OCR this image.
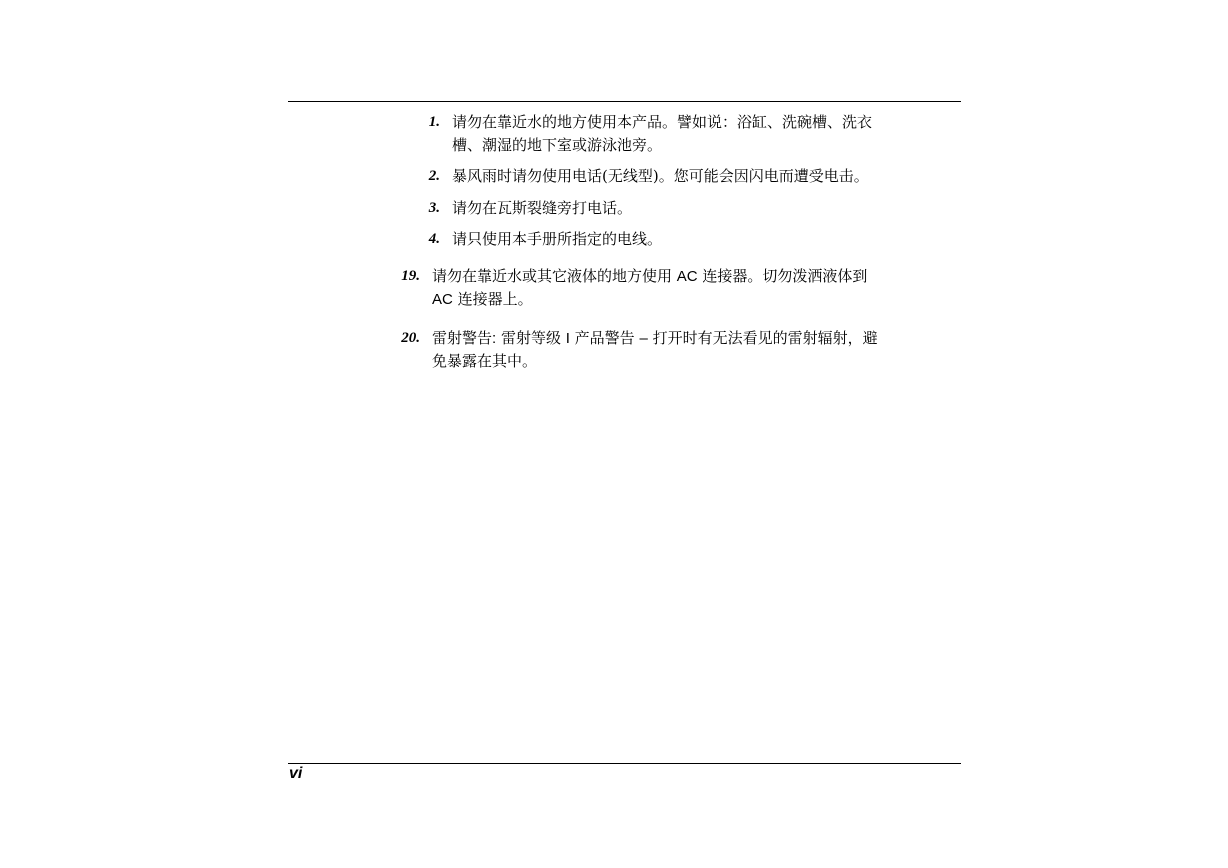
1. 请勿在靠近水的地方使用本产品。譬如说：浴缸、洗碗槽、洗衣
槽、潮湿的地下室或游泳池旁。
2. 暴风雨时请勿使用电话(无线型)。您可能会因闪电而遭受电击。
3. 请勿在瓦斯裂缝旁打电话。
4. 请只使用本手册所指定的电线。
19. 请勿在靠近水或其它液体的地方使用 AC 连接器。切勿泼洒液体到
AC 连接器上。
20. 雷射警告: 雷射等级 I 产品警告 – 打开时有无法看见的雷射辐射，避
免暴露在其中。
vi
